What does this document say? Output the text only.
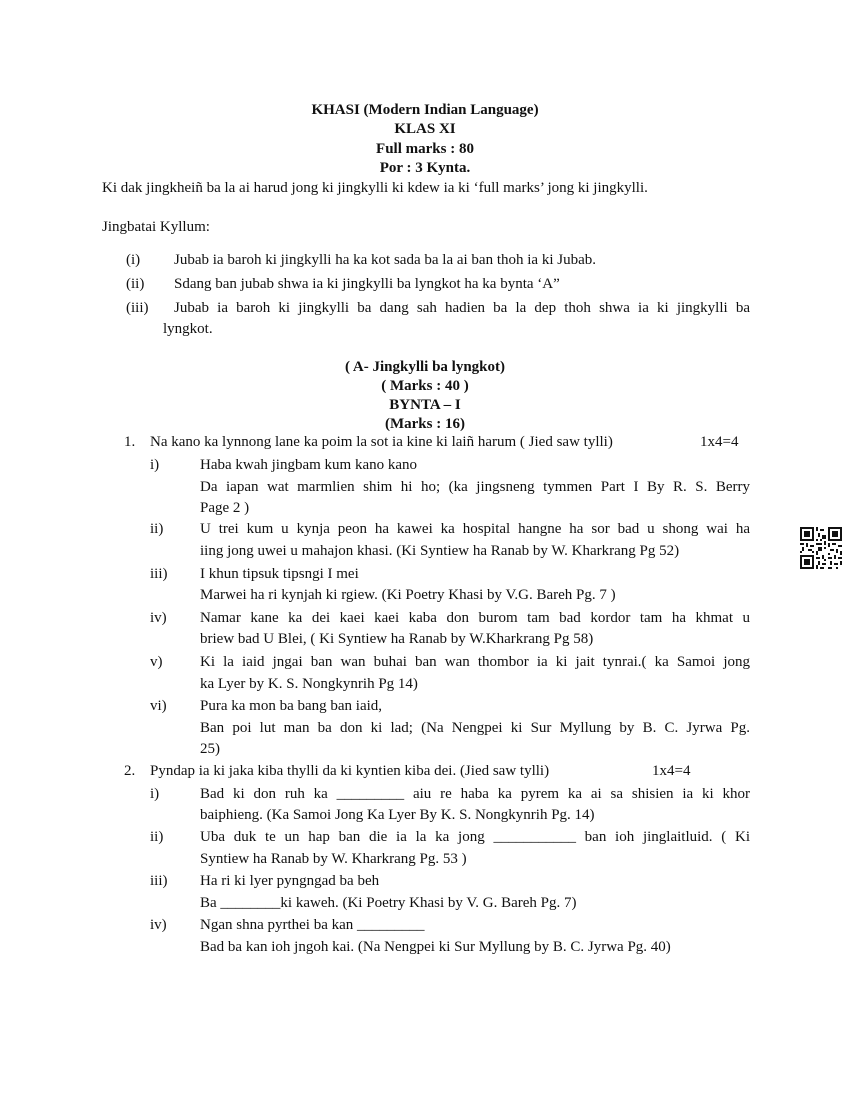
KHASI (Modern Indian Language)
KLAS XI
Full marks : 80
Por : 3 Kynta.
Ki dak jingkheiñ ba la ai harud jong ki jingkylli ki kdew ia ki ‘full marks’ jong ki jingkylli.
Jingbatai Kyllum:
(i) Jubab ia baroh ki jingkylli ha ka kot sada ba la ai ban thoh ia ki Jubab.
(ii) Sdang ban jubab shwa ia ki jingkylli ba lyngkot ha ka bynta ‘A”
(iii) Jubab ia baroh ki jingkylli ba dang sah hadien ba la dep thoh shwa ia ki jingkylli ba
lyngkot.
( A- Jingkylli ba lyngkot)
( Marks : 40 )
BYNTA – I
(Marks : 16)
1. Na kano ka lynnong lane ka poim la sot ia kine ki laiñ harum ( Jied saw tylli)	1x4=4
i)	Haba kwah jingbam kum kano kano
Da iapan wat marmlien shim hi ho; (ka jingsneng tymmen Part I By R. S. Berry
Page 2 )
ii) U trei kum u kynja peon ha kawei ka hospital hangne ha sor bad u shong wai ha
iing jong uwei u mahajon khasi. (Ki Syntiew ha Ranab by W. Kharkrang Pg 52)
iii) I khun tipsuk tipsngi I mei
Marwei ha ri kynjah ki rgiew. (Ki Poetry Khasi by V.G. Bareh Pg. 7 )
iv) Namar kane ka dei kaei kaei kaba don burom tam bad kordor tam ha khmat u
briew bad U Blei, ( Ki Syntiew ha Ranab by W.Kharkrang Pg 58)
v)	Ki la iaid jngai ban wan buhai ban wan thombor ia ki jait tynrai.( ka Samoi jong
ka Lyer by K. S. Nongkynrih Pg 14)
vi) Pura ka mon ba bang ban iaid,
Ban poi lut man ba don ki lad; (Na Nengpei ki Sur Myllung by B. C. Jyrwa Pg.
25)
2. Pyndap ia ki jaka kiba thylli da ki kyntien kiba dei. (Jied saw tylli)	1x4=4
i)	Bad ki don ruh ka _________ aiu re haba ka pyrem ka ai sa shisien ia ki khor
baiphieng. (Ka Samoi Jong Ka Lyer By K. S. Nongkynrih Pg. 14)
ii) Uba duk te un hap ban die ia la ka jong ___________ ban ioh jinglaitluid. ( Ki
Syntiew ha Ranab by W. Kharkrang Pg. 53 )
iii) Ha ri ki lyer pyngngad ba beh
Ba ________ki kaweh. (Ki Poetry Khasi by V. G. Bareh Pg. 7)
iv) Ngan shna pyrthei ba kan _________
Bad ba kan ioh jngoh kai. (Na Nengpei ki Sur Myllung by B. C. Jyrwa Pg. 40)
